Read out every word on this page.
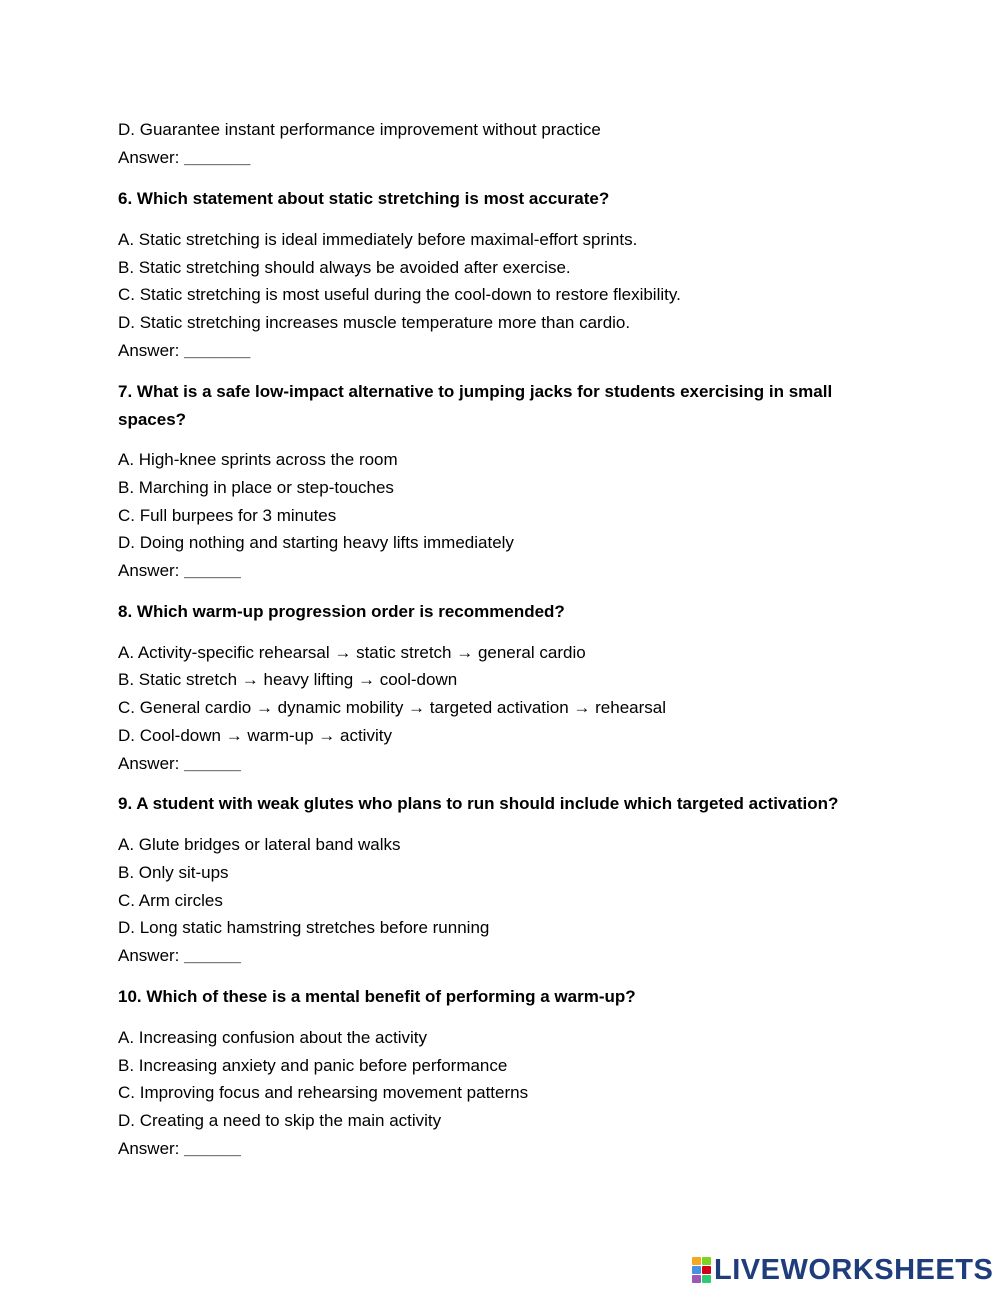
D. Guarantee instant performance improvement without practice
Answer: _______
6. Which statement about static stretching is most accurate?
A. Static stretching is ideal immediately before maximal-effort sprints.
B. Static stretching should always be avoided after exercise.
C. Static stretching is most useful during the cool-down to restore flexibility.
D. Static stretching increases muscle temperature more than cardio.
Answer: _______
7. What is a safe low-impact alternative to jumping jacks for students exercising in small
spaces?
A. High-knee sprints across the room
B. Marching in place or step-touches
C. Full burpees for 3 minutes
D. Doing nothing and starting heavy lifts immediately
Answer: ______
8. Which warm-up progression order is recommended?
A. Activity-specific rehearsal → static stretch → general cardio
B. Static stretch → heavy lifting → cool-down
C. General cardio → dynamic mobility → targeted activation → rehearsal
D. Cool-down → warm-up → activity
Answer: ______
9. A student with weak glutes who plans to run should include which targeted activation?
A. Glute bridges or lateral band walks
B. Only sit-ups
C. Arm circles
D. Long static hamstring stretches before running
Answer: ______
10. Which of these is a mental benefit of performing a warm-up?
A. Increasing confusion about the activity
B. Increasing anxiety and panic before performance
C. Improving focus and rehearsing movement patterns
D. Creating a need to skip the main activity
Answer: ______
LIVEWORKSHEETS
